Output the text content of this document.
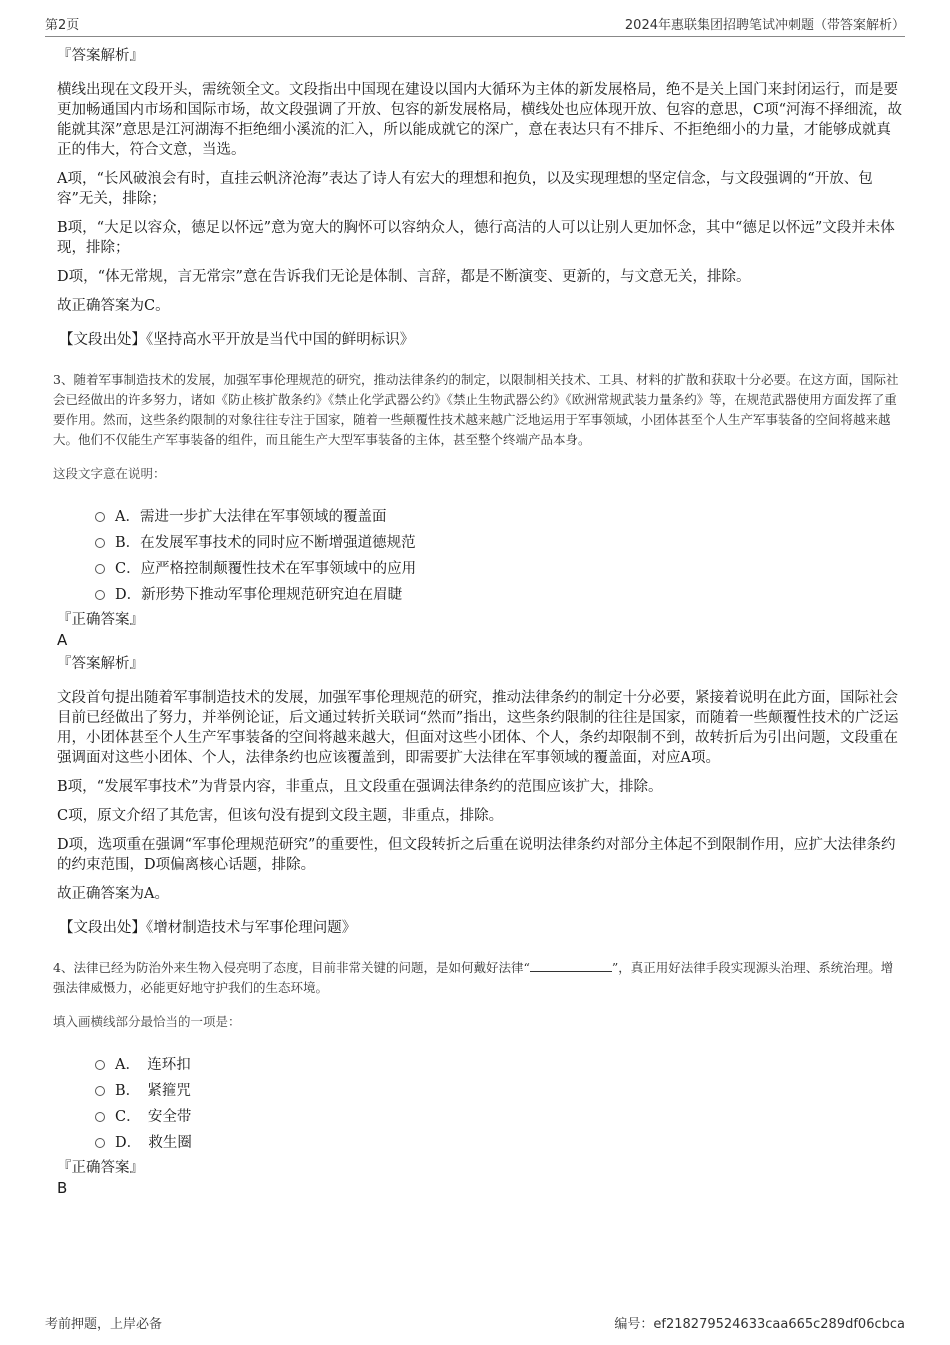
第2页	2024年惠联集团招聘笔试冲刺题（带答案解析）
『答案解析』
横线出现在文段开头，需统领全文。文段指出中国现在建设以国内大循环为主体的新发展格局，绝不是关上国门来封闭运行，而是要更加畅通国内市场和国际市场，故文段强调了开放、包容的新发展格局，横线处也应体现开放、包容的意思，C项“河海不择细流，故能就其深”意思是江河湖海不拒绝细小溪流的汇入，所以能成就它的深广，意在表达只有不排斥、不拒绝细小的力量，才能够成就真正的伟大，符合文意，当选。
A项，“长风破浪会有时，直挂云帆济沧海”表达了诗人有宏大的理想和抱负，以及实现理想的坚定信念，与文段强调的“开放、包容”无关，排除；
B项，“大足以容众，德足以怀远”意为宽大的胸怀可以容纳众人，德行高洁的人可以让别人更加怀念，其中“德足以怀远”文段并未体现，排除；
D项，“体无常规，言无常宗”意在告诉我们无论是体制、言辞，都是不断演变、更新的，与文意无关，排除。
故正确答案为C。
【文段出处】《坚持高水平开放是当代中国的鲜明标识》
3、随着军事制造技术的发展，加强军事伦理规范的研究，推动法律条约的制定，以限制相关技术、工具、材料的扩散和获取十分必要。在这方面，国际社会已经做出的许多努力，诸如《防止核扩散条约》《禁止化学武器公约》《禁止生物武器公约》《欧洲常规武装力量条约》等，在规范武器使用方面发挥了重要作用。然而，这些条约限制的对象往往专注于国家，随着一些颠覆性技术越来越广泛地运用于军事领域，小团体甚至个人生产军事装备的空间将越来越大。他们不仅能生产军事装备的组件，而且能生产大型军事装备的主体，甚至整个终端产品本身。
这段文字意在说明：
A．需进一步扩大法律在军事领域的覆盖面
B．在发展军事技术的同时应不断增强道德规范
C．应严格控制颠覆性技术在军事领域中的应用
D．新形势下推动军事伦理规范研究迫在眉睫
『正确答案』
A
『答案解析』
文段首句提出随着军事制造技术的发展，加强军事伦理规范的研究，推动法律条约的制定十分必要，紧接着说明在此方面，国际社会目前已经做出了努力，并举例论证，后文通过转折关联词“然而”指出，这些条约限制的往往是国家，而随着一些颠覆性技术的广泛运用，小团体甚至个人生产军事装备的空间将越来越大，但面对这些小团体、个人，条约却限制不到，故转折后为引出问题，文段重在强调面对这些小团体、个人，法律条约也应该覆盖到，即需要扩大法律在军事领域的覆盖面，对应A项。
B项，“发展军事技术”为背景内容，非重点，且文段重在强调法律条约的范围应该扩大，排除。
C项，原文介绍了其危害，但该句没有提到文段主题，非重点，排除。
D项，选项重在强调“军事伦理规范研究”的重要性，但文段转折之后重在说明法律条约对部分主体起不到限制作用，应扩大法律条约的约束范围，D项偏离核心话题，排除。
故正确答案为A。
【文段出处】《增材制造技术与军事伦理问题》
4、法律已经为防治外来生物入侵亮明了态度，目前非常关键的问题，是如何戴好法律“	”，真正用好法律手段实现源头治理、系统治理。增强法律威慑力，必能更好地守护我们的生态环境。
填入画横线部分最恰当的一项是：
A．　连环扣
B．　紧箍咒
C．　安全带
D．　救生圈
『正确答案』
B
考前押题，上岸必备	编号：ef218279524633caa665c289df06cbca
